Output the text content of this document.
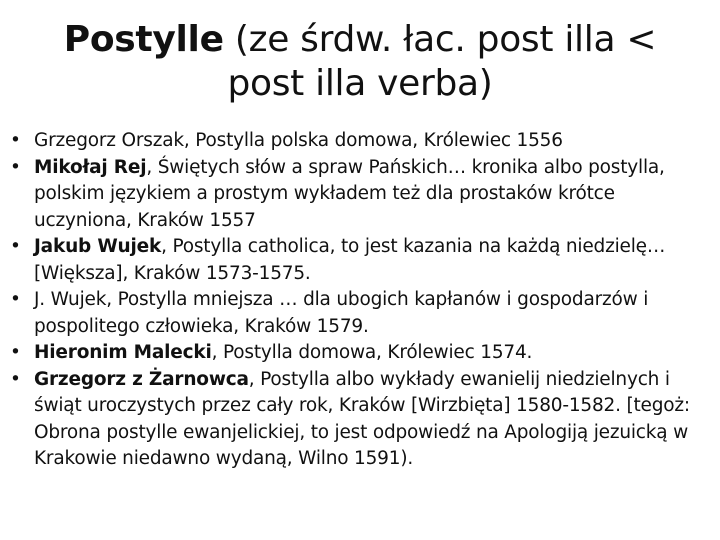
Postylle (ze śrdw. łac. post illa <
post illa verba)
• Grzegorz Orszak, Postylla polska domowa, Królewiec 1556
• Mikołaj Rej, Świętych słów a spraw Pańskich… kronika albo postylla, polskim językiem a prostym wykładem też dla prostaków krótce uczyniona, Kraków 1557
• Jakub Wujek, Postylla catholica, to jest kazania na każdą niedzielę…[Większa], Kraków 1573-1575.
• J. Wujek, Postylla mniejsza … dla ubogich kapłanów i gospodarzów i pospolitego człowieka, Kraków 1579.
• Hieronim Malecki, Postylla domowa, Królewiec 1574.
• Grzegorz z Żarnowca, Postylla albo wykłady ewanielij niedzielnych i świąt uroczystych przez cały rok, Kraków [Wirzbięta] 1580-1582. [tegoż: Obrona postylle ewanjelickiej, to jest odpowiedź na Apologiją jezuicką w Krakowie niedawno wydaną, Wilno 1591).
